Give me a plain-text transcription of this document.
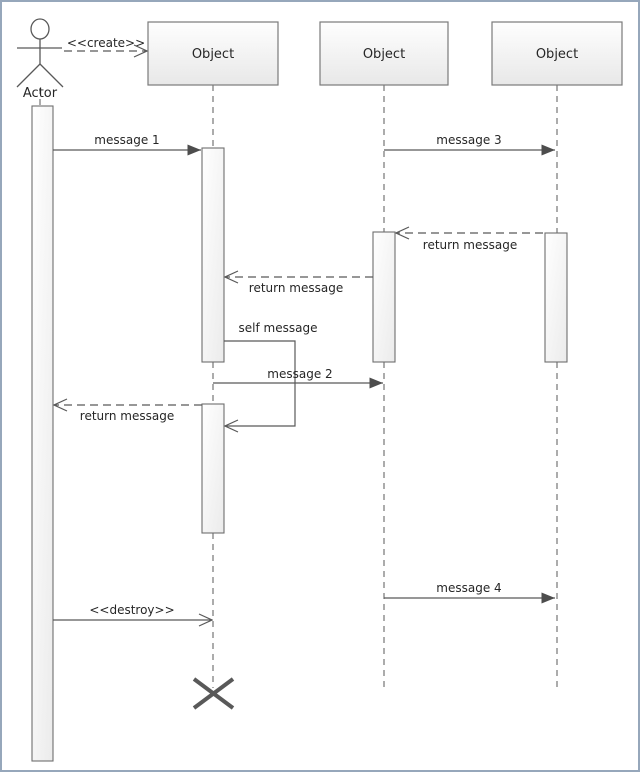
Actor
Object	Object	Object
<<create>>
message 1	message 3
return message
return message
self message
message 2
return message
message 4
<<destroy>>
